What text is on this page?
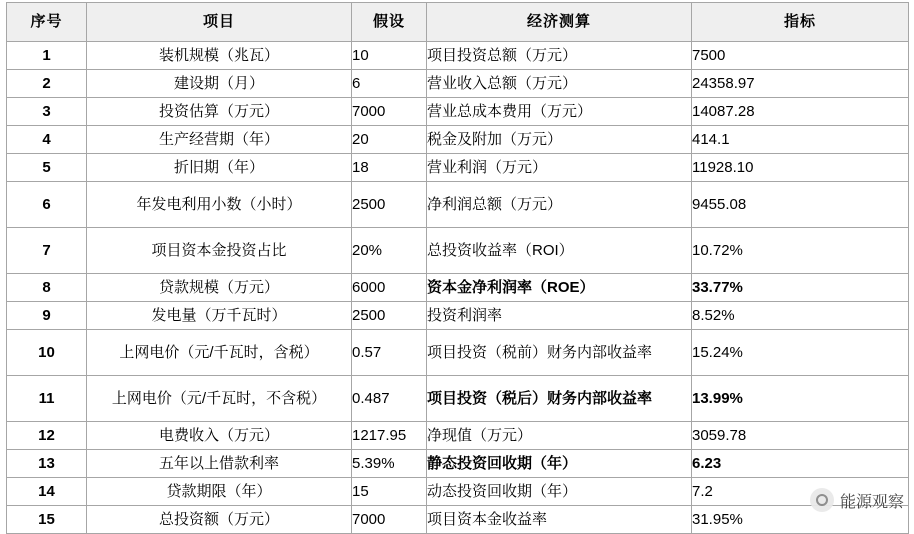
序号	项目	假设	经济测算	指标
1	装机规模（兆瓦）	10	项目投资总额（万元）	7500
2	建设期（月）	6	营业收入总额（万元）	24358.97
3	投资估算（万元）	7000	营业总成本费用（万元）	14087.28
4	生产经营期（年）	20	税金及附加（万元）	414.1
5	折旧期（年）	18	营业利润（万元）	11928.10
6	年发电利用小数（小时）	2500	净利润总额（万元）	9455.08
7	项目资本金投资占比	20%	总投资收益率（ROI）	10.72%
8	贷款规模（万元）	6000	资本金净利润率（ROE）	33.77%
9	发电量（万千瓦时）	2500	投资利润率	8.52%
10	上网电价（元/千瓦时，含税）	0.57	项目投资（税前）财务内部收益率	15.24%
11	上网电价（元/千瓦时，不含税）	0.487	项目投资（税后）财务内部收益率	13.99%
12	电费收入（万元）	1217.95	净现值（万元）	3059.78
13	五年以上借款利率	5.39%	静态投资回收期（年）	6.23
14	贷款期限（年）	15	动态投资回收期（年）	7.2
15	总投资额（万元）	7000	项目资本金收益率	31.95%
能源观察
